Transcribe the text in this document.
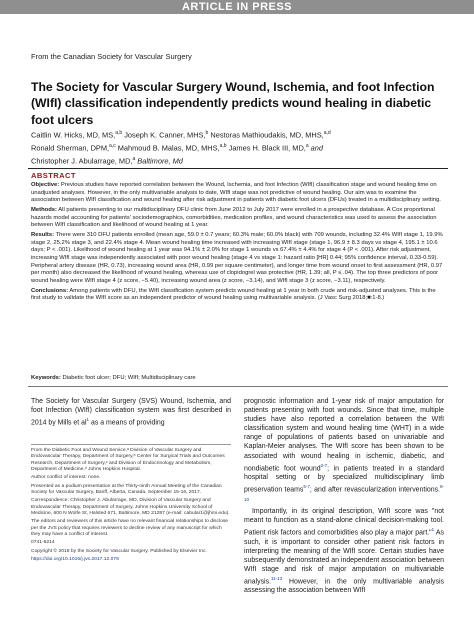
ARTICLE IN PRESS
From the Canadian Society for Vascular Surgery
The Society for Vascular Surgery Wound, Ischemia, and foot Infection (WIfI) classification independently predicts wound healing in diabetic foot ulcers
Caitlin W. Hicks, MD, MS,$^{a,b}$ Joseph K. Canner, MHS,$^b$ Nestoras Mathioudakis, MD, MHS,$^{a,d}$
Ronald Sherman, DPM,$^{a,c}$ Mahmoud B. Malas, MD, MHS,$^{a,b}$ James H. Black III, MD,$^a$ and
Christopher J. Abularrage, MD,$^a$ Baltimore, Md
ABSTRACT

Objective: Previous studies have reported correlation between the Wound, Ischemia, and foot Infection (WIfI) classification stage and wound healing time on unadjusted analyses. However, in the only multivariable analysis to date, WIfI stage was not predictive of wound healing. Our aim was to examine the association between WIfI classification and wound healing after risk adjustment in patients with diabetic foot ulcers (DFUs) treated in a multidisciplinary setting.

Methods: All patients presenting to our multidisciplinary DFU clinic from June 2012 to July 2017 were enrolled in a prospective database. A Cox proportional hazards model accounting for patients' sociodemographics, comorbidities, medication profiles, and wound characteristics was used to assess the association between WIfI classification and likelihood of wound healing at 1 year.

Results: There were 310 DFU patients enrolled (mean age, 59.0 ± 0.7 years; 60.3% male; 60.0% black) with 709 wounds, including 32.4% WIfI stage 1, 19.9% stage 2, 25.2% stage 3, and 22.4% stage 4. Mean wound healing time increased with increasing WIfI stage (stage 1, 96.9 ± 8.3 days vs stage 4, 195.1 ± 10.6 days; P < .001). Likelihood of wound healing at 1 year was 94.1% ± 2.0% for stage 1 wounds vs 67.4% ± 4.4% for stage 4 (P < .001). After risk adjustment, increasing WIfI stage was independently associated with poor wound healing (stage 4 vs stage 1: hazard ratio [HR] 0.44; 95% confidence interval, 0.33-0.59). Peripheral artery disease (HR, 0.73), increasing wound area (HR, 0.99 per square centimeter), and longer time from wound onset to first assessment (HR, 0.97 per month) also decreased the likelihood of wound healing, whereas use of clopidogrel was protective (HR, 1.39; all, P ≤ .04). The top three predictors of poor wound healing were WIfI stage 4 (z score, −5.40), increasing wound area (z score, −3.14), and WIfI stage 3 (z score, −3.11), respectively.

Conclusions: Among patients with DFU, the WIfI classification system predicts wound healing at 1 year in both crude and risk-adjusted analyses. This is the first study to validate the WIfI score as an independent predictor of wound healing using multivariable analysis. (J Vasc Surg 2018;■:1-8.)

Keywords: Diabetic foot ulcer; DFU; WIfI; Multidisciplinary care
The Society for Vascular Surgery (SVS) Wound, Ischemia, and foot Infection (WIfI) classification system was first described in 2014 by Mills et al$^1$ as a means of providing

From the Diabetic Foot and Wound Service,ᵃ Division of Vascular Surgery and Endovascular Therapy, Department of Surgery,ᵇ Center for Surgical Trials and Outcomes Research, Department of Surgery,ᶜ and Division of Endocrinology and Metabolism, Department of Medicine,ᵈ Johns Hopkins Hospital.

Author conflict of interest: none.

Presented as a podium presentation at the Thirty-ninth Annual Meeting of the Canadian Society for Vascular Surgery, Banff, Alberta, Canada, September 15-16, 2017.

Correspondence: Christopher J. Abularrage, MD, Division of Vascular Surgery and Endovascular Therapy, Department of Surgery, Johns Hopkins University School of Medicine, 600 N Wolfe St, Halsted 671, Baltimore, MD 21287 (e-mail: cabular1@jhmi.edu).

The editors and reviewers of this article have no relevant financial relationships to disclose per the JVS policy that requires reviewers to decline review of any manuscript for which they may have a conflict of interest.

0741-5214

Copyright © 2018 by the Society for Vascular Surgery. Published by Elsevier Inc.

https://doi.org/10.1016/j.jvs.2017.12.079

prognostic information and 1-year risk of major amputation for patients presenting with foot wounds. Since that time, multiple studies have also reported a correlation between the WIfI classification system and wound healing time (WHT) in a wide range of populations of patients based on univariable and Kaplan-Meier analyses. The WIfI score has been shown to be associated with wound healing in ischemic, diabetic, and nondiabetic foot wound$^{2-7}$; in patients treated in a standard hospital setting or by specialized multidisciplinary limb preservation teams$^{5-7}$; and after revascularization interventions.$^{8-10}$

Importantly, in its original description, WIfI score was "not meant to function as a stand-alone clinical decision-making tool. Patient risk factors and comorbidities also play a major part."$^1$ As such, it is important to consider other patient risk factors in interpreting the meaning of the WIfI score. Certain studies have subsequently demonstrated an independent association between WIfI stage and risk of major amputation on multivariable analysis.$^{11-13}$ However, in the only multivariable analysis assessing the association between WIfI
